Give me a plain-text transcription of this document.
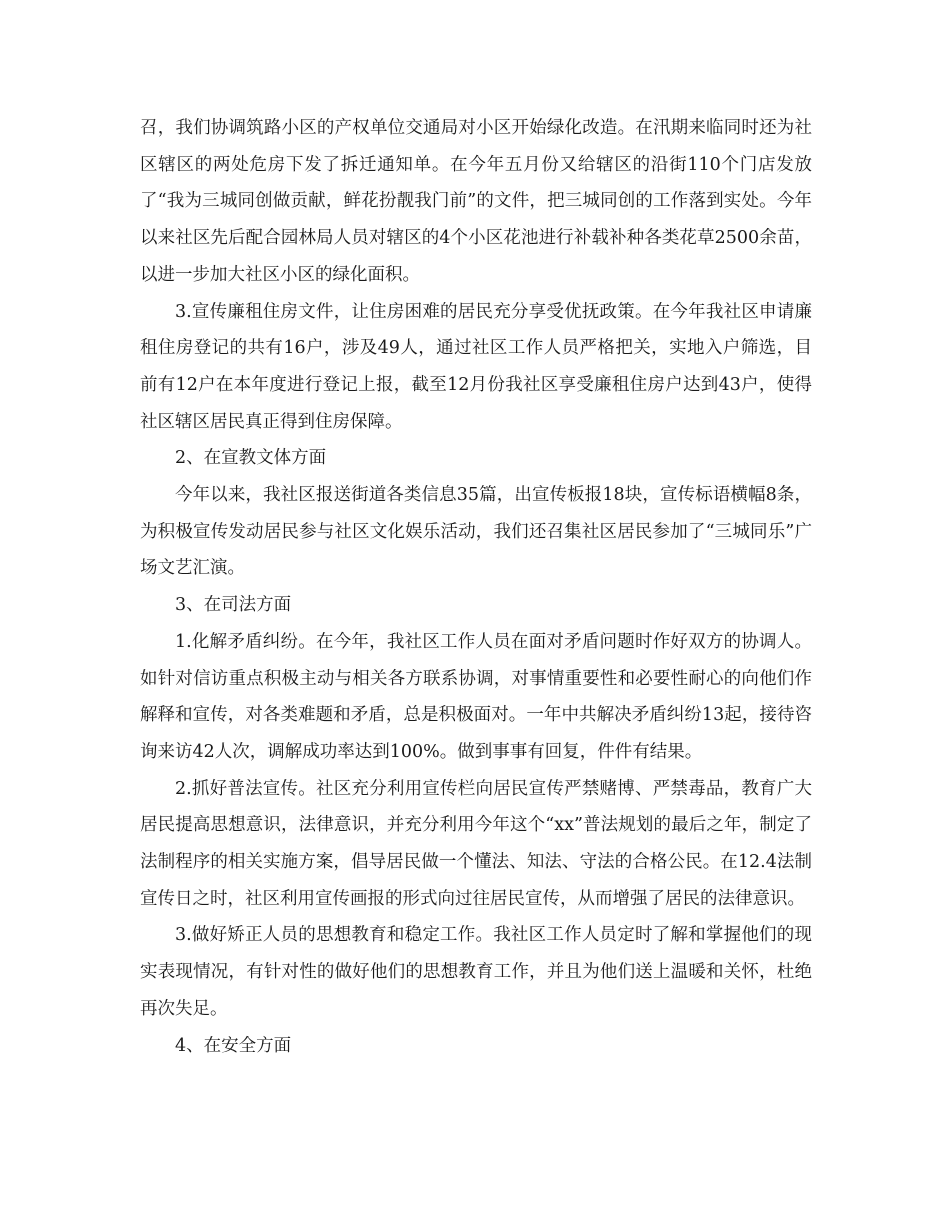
召，我们协调筑路小区的产权单位交通局对小区开始绿化改造。在汛期来临同时还为社区辖区的两处危房下发了拆迁通知单。在今年五月份又给辖区的沿街110个门店发放了“我为三城同创做贡献，鲜花扮靓我门前”的文件，把三城同创的工作落到实处。今年以来社区先后配合园林局人员对辖区的4个小区花池进行补载补种各类花草2500余苗，以进一步加大社区小区的绿化面积。

3.宣传廉租住房文件，让住房困难的居民充分享受优抚政策。在今年我社区申请廉租住房登记的共有16户，涉及49人，通过社区工作人员严格把关，实地入户筛选，目前有12户在本年度进行登记上报，截至12月份我社区享受廉租住房户达到43户，使得社区辖区居民真正得到住房保障。

2、在宣教文体方面

今年以来，我社区报送街道各类信息35篇，出宣传板报18块，宣传标语横幅8条，为积极宣传发动居民参与社区文化娱乐活动，我们还召集社区居民参加了“三城同乐”广场文艺汇演。

3、在司法方面

1.化解矛盾纠纷。在今年，我社区工作人员在面对矛盾问题时作好双方的协调人。如针对信访重点积极主动与相关各方联系协调，对事情重要性和必要性耐心的向他们作解释和宣传，对各类难题和矛盾，总是积极面对。一年中共解决矛盾纠纷13起，接待咨询来访42人次，调解成功率达到100%。做到事事有回复，件件有结果。

2.抓好普法宣传。社区充分利用宣传栏向居民宣传严禁赌博、严禁毒品，教育广大居民提高思想意识，法律意识，并充分利用今年这个“xx”普法规划的最后之年，制定了法制程序的相关实施方案，倡导居民做一个懂法、知法、守法的合格公民。在12.4法制宣传日之时，社区利用宣传画报的形式向过往居民宣传，从而增强了居民的法律意识。

3.做好矫正人员的思想教育和稳定工作。我社区工作人员定时了解和掌握他们的现实表现情况，有针对性的做好他们的思想教育工作，并且为他们送上温暖和关怀，杜绝再次失足。

4、在安全方面
